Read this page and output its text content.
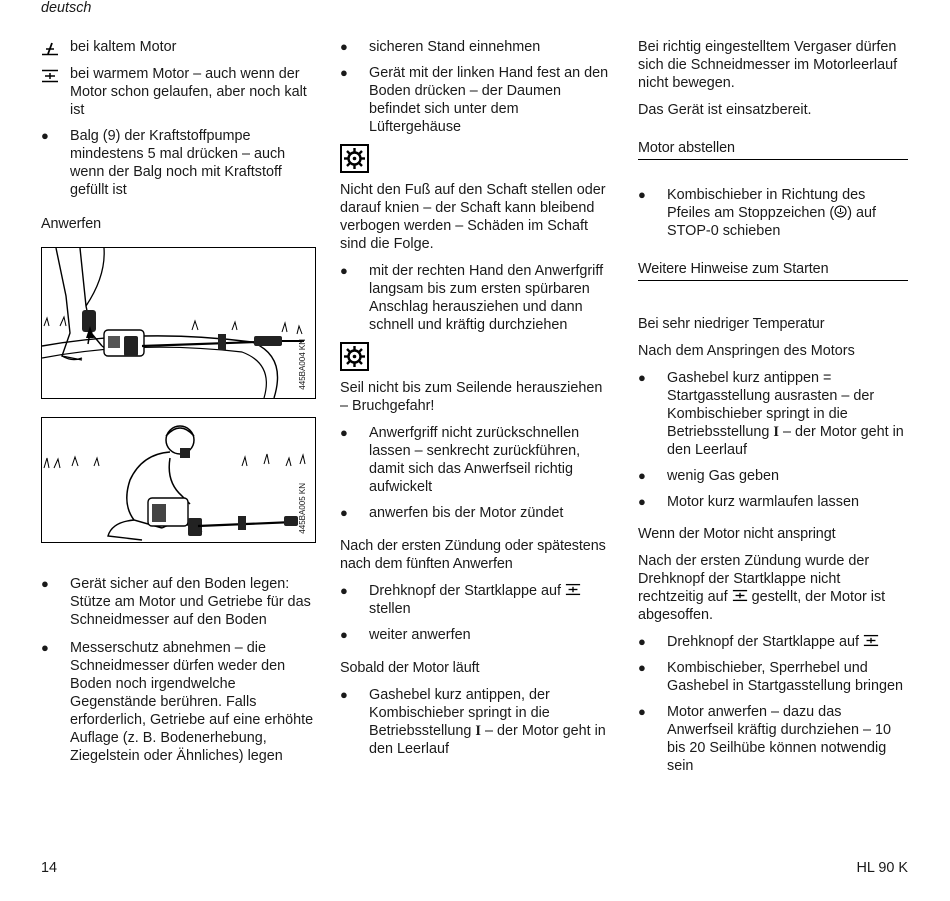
deutsch
bei kaltem Motor
bei warmem Motor – auch wenn der Motor schon gelaufen, aber noch kalt ist
●	Balg (9) der Kraftstoffpumpe mindestens 5 mal drücken – auch wenn der Balg noch mit Kraftstoff gefüllt ist
Anwerfen
445BA004 KN
445BA005 KN
●	Gerät sicher auf den Boden legen: Stütze am Motor und Getriebe für das Schneidmesser auf den Boden
●	Messerschutz abnehmen – die Schneidmesser dürfen weder den Boden noch irgendwelche Gegenstände berühren. Falls erforderlich, Getriebe auf eine erhöhte Auflage (z. B. Bodenerhebung, Ziegelstein oder Ähnliches) legen
●	sicheren Stand einnehmen
●	Gerät mit der linken Hand fest an den Boden drücken – der Daumen befindet sich unter dem Lüftergehäuse
Nicht den Fuß auf den Schaft stellen oder darauf knien – der Schaft kann bleibend verbogen werden – Schäden im Schaft sind die Folge.
●	mit der rechten Hand den Anwerfgriff langsam bis zum ersten spürbaren Anschlag herausziehen und dann schnell und kräftig durchziehen
Seil nicht bis zum Seilende herausziehen – Bruchgefahr!
●	Anwerfgriff nicht zurückschnellen lassen – senkrecht zurückführen, damit sich das Anwerfseil richtig aufwickelt
●	anwerfen bis der Motor zündet
Nach der ersten Zündung oder spätestens nach dem fünften Anwerfen
●	Drehknopf der Startklappe auf
stellen
●	weiter anwerfen
Sobald der Motor läuft
●	Gashebel kurz antippen, der Kombischieber springt in die Betriebsstellung I – der Motor geht in den Leerlauf
Bei richtig eingestelltem Vergaser dürfen sich die Schneidmesser im Motorleerlauf nicht bewegen.
Das Gerät ist einsatzbereit.
Motor abstellen
●	Kombischieber in Richtung des Pfeiles am Stoppzeichen ( ) auf STOP-0 schieben
Weitere Hinweise zum Starten
Bei sehr niedriger Temperatur
Nach dem Anspringen des Motors
●	Gashebel kurz antippen = Startgasstellung ausrasten – der Kombischieber springt in die Betriebsstellung I – der Motor geht in den Leerlauf
●	wenig Gas geben
●	Motor kurz warmlaufen lassen
Wenn der Motor nicht anspringt
Nach der ersten Zündung wurde der Drehknopf der Startklappe nicht rechtzeitig auf  gestellt, der Motor ist abgesoffen.
●	Drehknopf der Startklappe auf
●	Kombischieber, Sperrhebel und Gashebel in Startgasstellung bringen
●	Motor anwerfen – dazu das Anwerfseil kräftig durchziehen – 10 bis 20 Seilhübe können notwendig sein
14	HL 90 K
